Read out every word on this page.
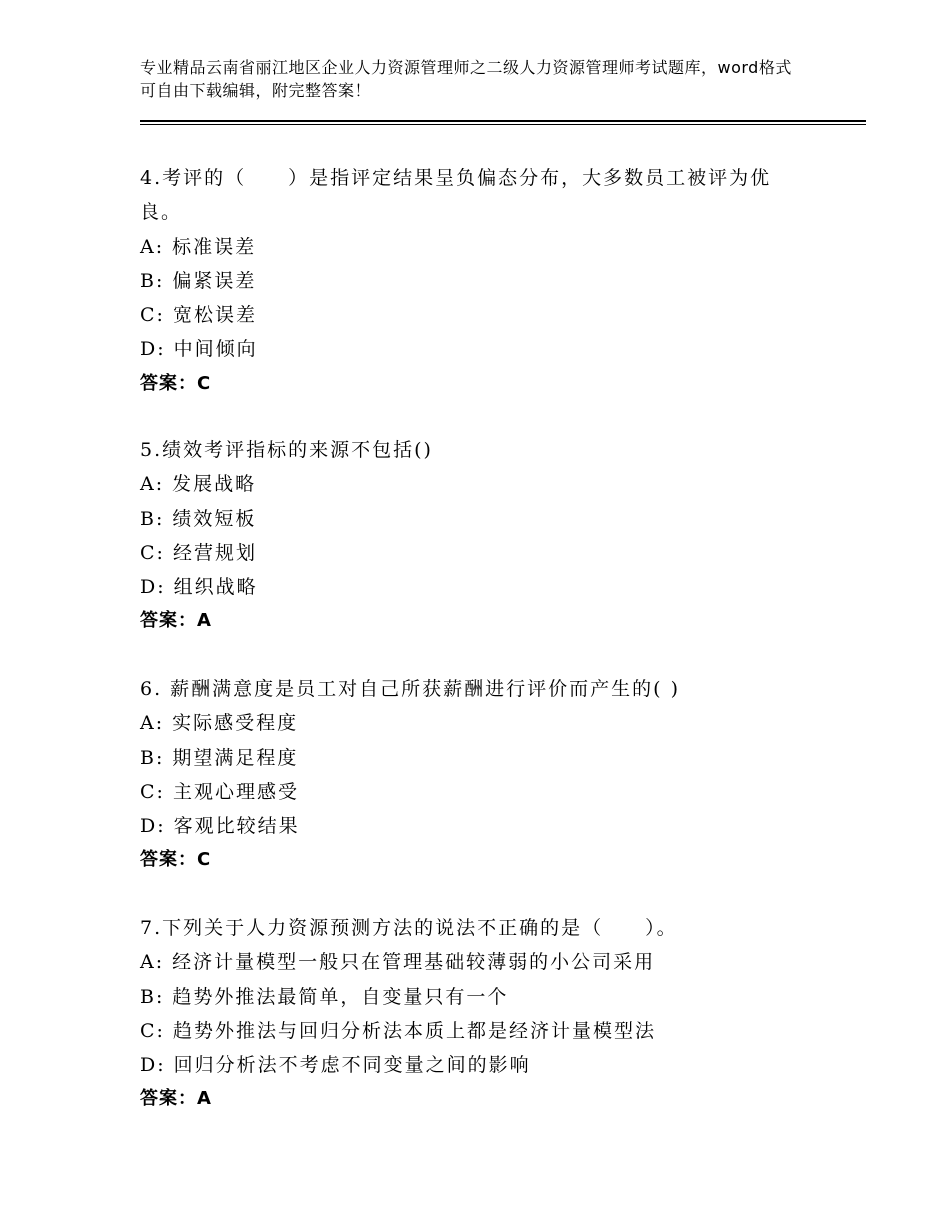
专业精品云南省丽江地区企业人力资源管理师之二级人力资源管理师考试题库，word格式可自由下载编辑，附完整答案！
4.考评的（　　）是指评定结果呈负偏态分布，大多数员工被评为优良。
A: 标准误差
B: 偏紧误差
C: 宽松误差
D: 中间倾向
答案：C
5.绩效考评指标的来源不包括()
A: 发展战略
B: 绩效短板
C: 经营规划
D: 组织战略
答案：A
6. 薪酬满意度是员工对自己所获薪酬进行评价而产生的( )
A: 实际感受程度
B: 期望满足程度
C: 主观心理感受
D: 客观比较结果
答案：C
7.下列关于人力资源预测方法的说法不正确的是（　　）。
A: 经济计量模型一般只在管理基础较薄弱的小公司采用
B: 趋势外推法最简单，自变量只有一个
C: 趋势外推法与回归分析法本质上都是经济计量模型法
D: 回归分析法不考虑不同变量之间的影响
答案：A
